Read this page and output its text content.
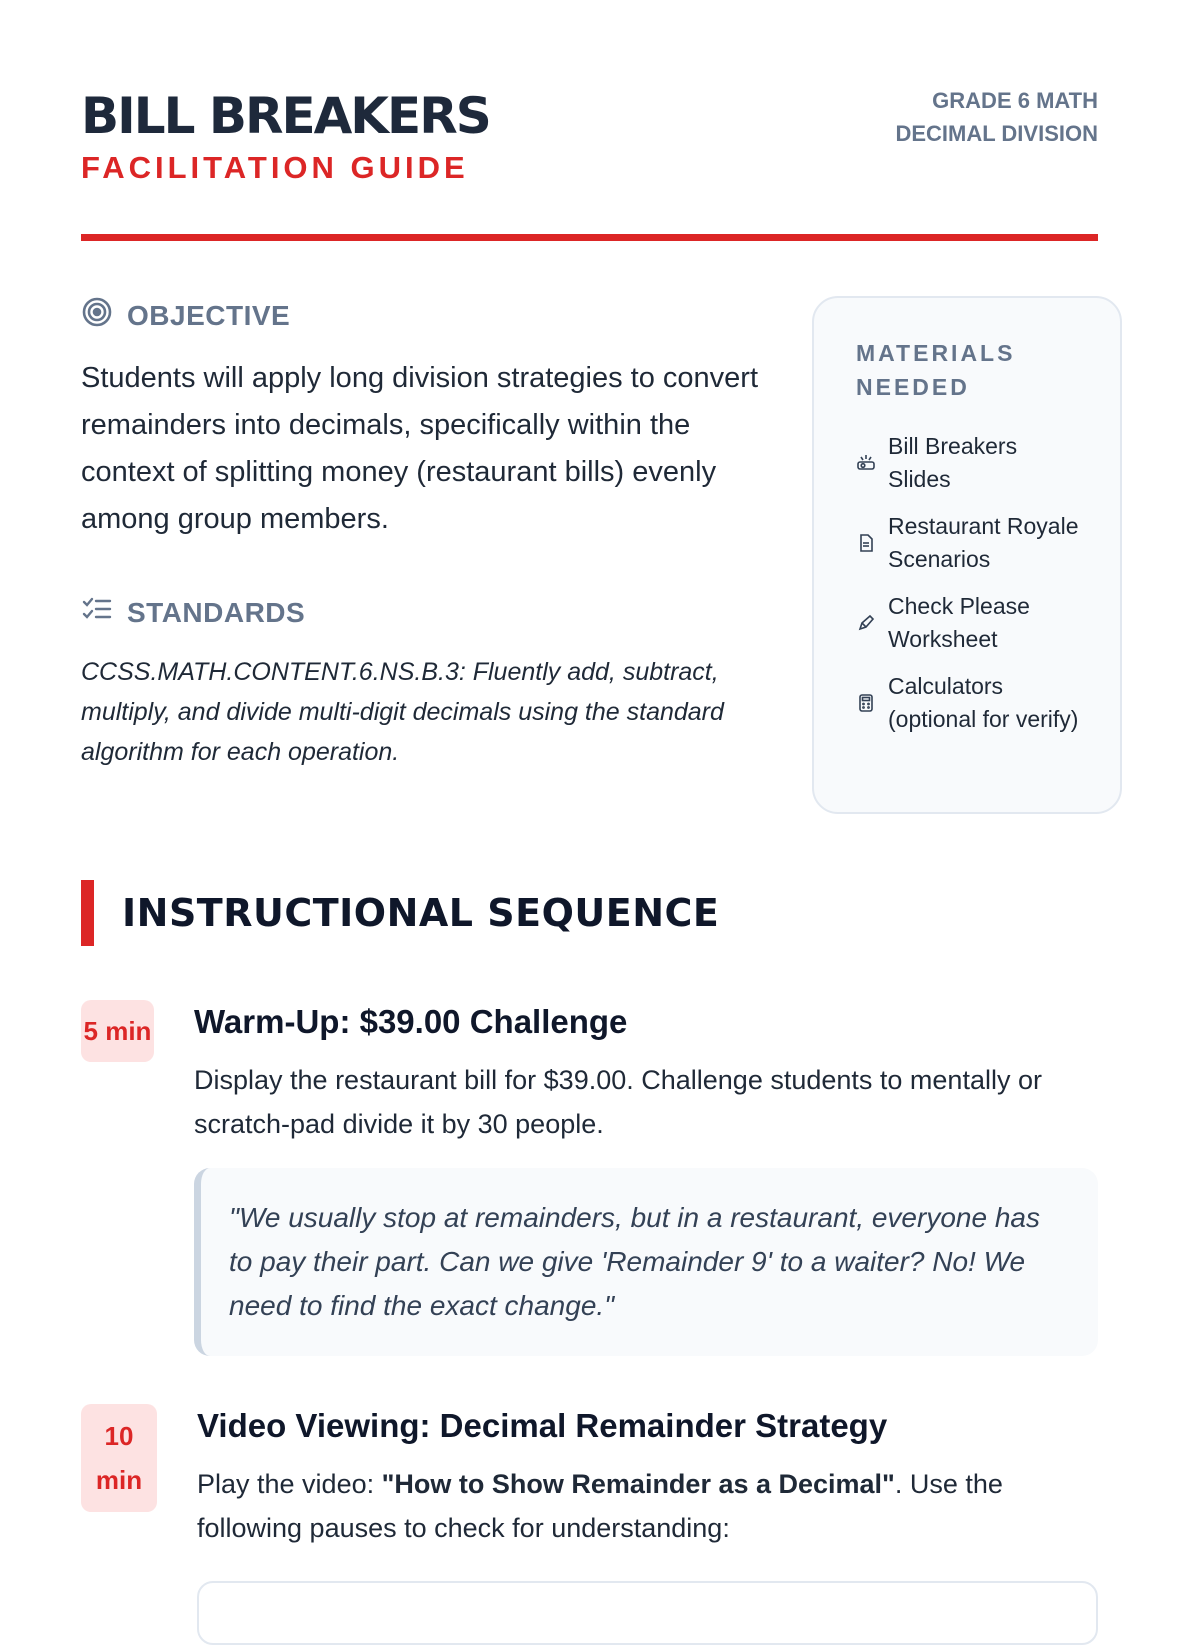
BILL BREAKERS
FACILITATION GUIDE
GRADE 6 MATH
DECIMAL DIVISION
OBJECTIVE

Students will apply long division strategies to convert remainders into decimals, specifically within the context of splitting money (restaurant bills) evenly among group members.

STANDARDS

CCSS.MATH.CONTENT.6.NS.B.3: Fluently add, subtract, multiply, and divide multi-digit decimals using the standard algorithm for each operation.

MATERIALS NEEDED
Bill Breakers Slides
Restaurant Royale Scenarios
Check Please Worksheet
Calculators (optional for verify)
INSTRUCTIONAL SEQUENCE
5 min Warm-Up: $39.00 Challenge

Display the restaurant bill for $39.00. Challenge students to mentally or scratch-pad divide it by 30 people.

"We usually stop at remainders, but in a restaurant, everyone has to pay their part. Can we give 'Remainder 9' to a waiter? No! We need to find the exact change."
10 min
Video Viewing: Decimal Remainder Strategy

Play the video: "How to Show Remainder as a Decimal". Use the following pauses to check for understanding:
